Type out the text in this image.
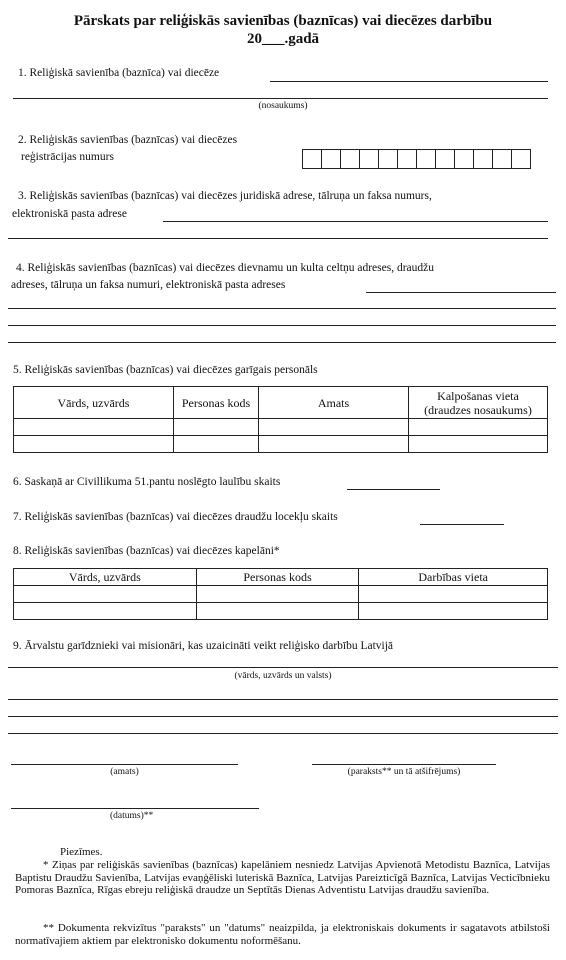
Pārskats par reliģiskās savienības (baznīcas) vai diecēzes darbību
20___.gadā
1. Reliģiskā savienība (baznīca) vai diecēze
(nosaukums)
2. Reliģiskās savienības (baznīcas) vai diecēzes
reģistrācijas numurs
3. Reliģiskās savienības (baznīcas) vai diecēzes juridiskā adrese, tālruņa un faksa numurs,
elektroniskā pasta adrese
4. Reliģiskās savienības (baznīcas) vai diecēzes dievnamu un kulta celtņu adreses, draudžu
adreses, tālruņa un faksa numuri, elektroniskā pasta adreses
5. Reliģiskās savienības (baznīcas) vai diecēzes garīgais personāls
Vārds, uzvārds	Personas kods	Amats	Kalpošanas vieta
(draudzes nosaukums)

6. Saskaņā ar Civillikuma 51.pantu noslēgto laulību skaits
7. Reliģiskās savienības (baznīcas) vai diecēzes draudžu locekļu skaits
8. Reliģiskās savienības (baznīcas) vai diecēzes kapelāni*
Vārds, uzvārds	Personas kods	Darbības vieta

9. Ārvalstu garīdznieki vai misionāri, kas uzaicināti veikt reliģisko darbību Latvijā
(vārds, uzvārds un valsts)
(amats)	(paraksts** un tā atšifrējums)
(datums)**
Piezīmes.
* Ziņas par reliģiskās savienības (baznīcas) kapelāniem nesniedz Latvijas Apvienotā Metodistu Baznīca, Latvijas Baptistu Draudžu Savienība, Latvijas evaņģēliski luteriskā Baznīca, Latvijas Pareizticīgā Baznīca, Latvijas Vecticībnieku Pomoras Baznīca, Rīgas ebreju reliģiskā draudze un Septītās Dienas Adventistu Latvijas draudžu savienība.
** Dokumenta rekvizītus "paraksts" un "datums" neaizpilda, ja elektroniskais dokuments ir sagatavots atbilstoši normatīvajiem aktiem par elektronisko dokumentu noformēšanu.
